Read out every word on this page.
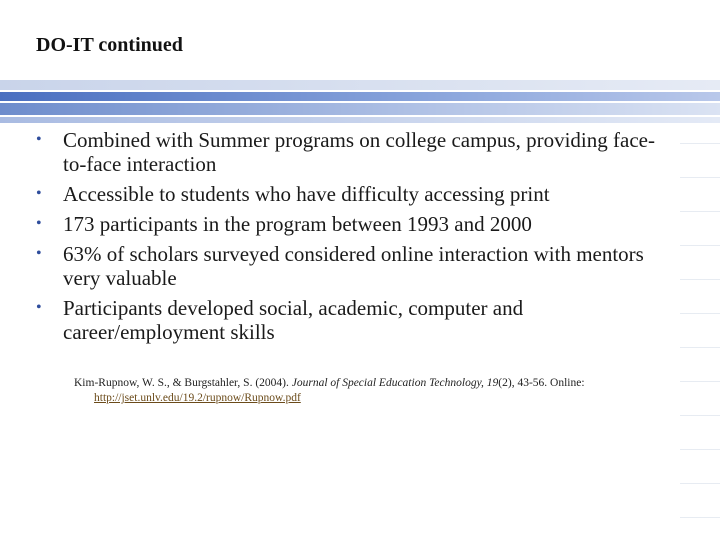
DO-IT continued
• Combined with Summer programs on college campus, providing face-to-face interaction
• Accessible to students who have difficulty accessing print
• 173 participants in the program between 1993 and 2000
• 63% of scholars surveyed considered online interaction with mentors very valuable
• Participants developed social, academic, computer and career/employment skills
Kim-Rupnow, W. S., & Burgstahler, S. (2004). Journal of Special Education Technology, 19(2), 43-56. Online:
http://jset.unlv.edu/19.2/rupnow/Rupnow.pdf
